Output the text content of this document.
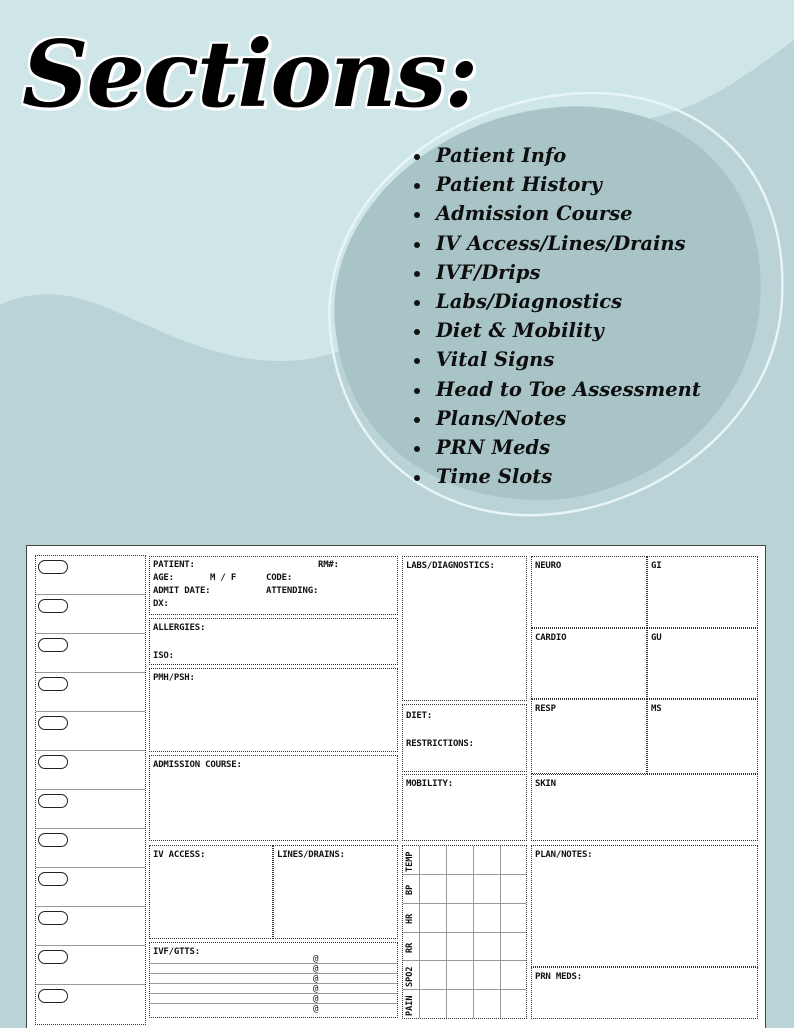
Sections:
Patient Info
Patient History
Admission Course
IV Access/Lines/Drains
IVF/Drips
Labs/Diagnostics
Diet & Mobility
Vital Signs
Head to Toe Assessment
Plans/Notes
PRN Meds
Time Slots
PATIENT:	RM#:
AGE:	M / F	CODE:
ADMIT DATE:	ATTENDING:
DX:
ALLERGIES:
ISO:
PMH/PSH:
ADMISSION COURSE:
IV ACCESS:	LINES/DRAINS:
IVF/GTTS:
@
@
@
@
@
@
LABS/DIAGNOSTICS:
DIET:
RESTRICTIONS:
MOBILITY:
TEMP
BP
HR
RR
SPO2
PAIN
NEURO	GI
CARDIO	GU
RESP	MS
SKIN
PLAN/NOTES:
PRN MEDS:
